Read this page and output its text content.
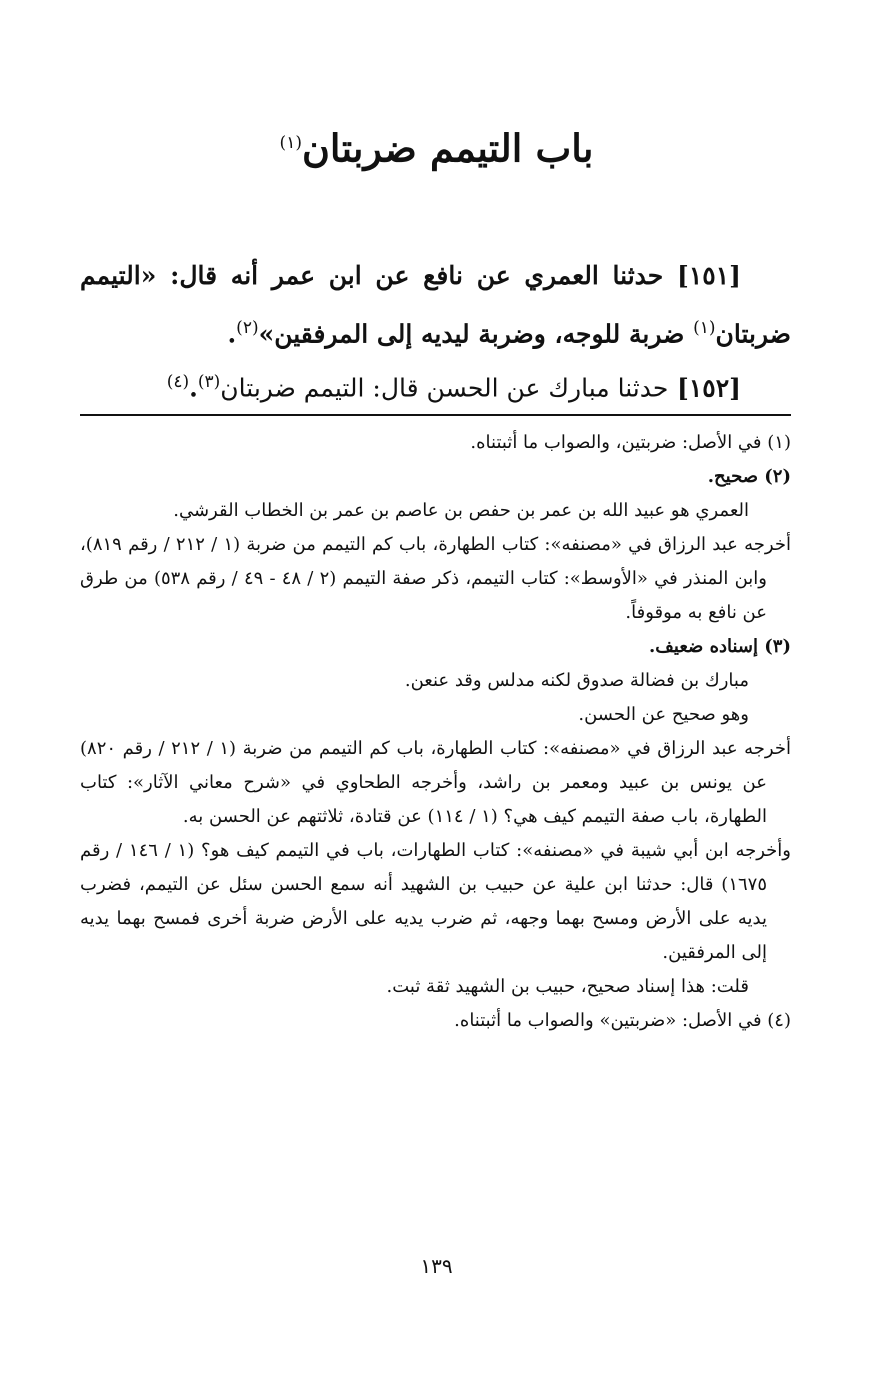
باب التيمم ضربتان$^{(١)}$

[١٥١] حدثنا العمري عن نافع عن ابن عمر أنه قال: «التيمم ضربتان$^{(١)}$ ضربة للوجه، وضربة ليديه إلى المرفقين»$^{(٢)}$.

[١٥٢] حدثنا مبارك عن الحسن قال: التيمم ضربتان$^{(٣)}$.$^{(٤)}$

(١) في الأصل: ضربتين، والصواب ما أثبتناه.

(٢) صحيح.

العمري هو عبيد الله بن عمر بن حفص بن عاصم بن عمر بن الخطاب القرشي.

أخرجه عبد الرزاق في «مصنفه»: كتاب الطهارة، باب كم التيمم من ضربة (١ / ٢١٢ / رقم ٨١٩)، وابن المنذر في «الأوسط»: كتاب التيمم، ذكر صفة التيمم (٢ / ٤٨ - ٤٩ / رقم ٥٣٨) من طرق عن نافع به موقوفاً.

(٣) إسناده ضعيف.

مبارك بن فضالة صدوق لكنه مدلس وقد عنعن.

وهو صحيح عن الحسن.

أخرجه عبد الرزاق في «مصنفه»: كتاب الطهارة، باب كم التيمم من ضربة (١ / ٢١٢ / رقم ٨٢٠) عن يونس بن عبيد ومعمر بن راشد، وأخرجه الطحاوي في «شرح معاني الآثار»: كتاب الطهارة، باب صفة التيمم كيف هي؟ (١ / ١١٤) عن قتادة، ثلاثتهم عن الحسن به.

وأخرجه ابن أبي شيبة في «مصنفه»: كتاب الطهارات، باب في التيمم كيف هو؟ (١ / ١٤٦ / رقم ١٦٧٥) قال: حدثنا ابن علية عن حبيب بن الشهيد أنه سمع الحسن سئل عن التيمم، فضرب يديه على الأرض ومسح بهما وجهه، ثم ضرب يديه على الأرض ضربة أخرى فمسح بهما يديه إلى المرفقين.

قلت: هذا إسناد صحيح، حبيب بن الشهيد ثقة ثبت.

(٤) في الأصل: «ضربتين» والصواب ما أثبتناه.

١٣٩
